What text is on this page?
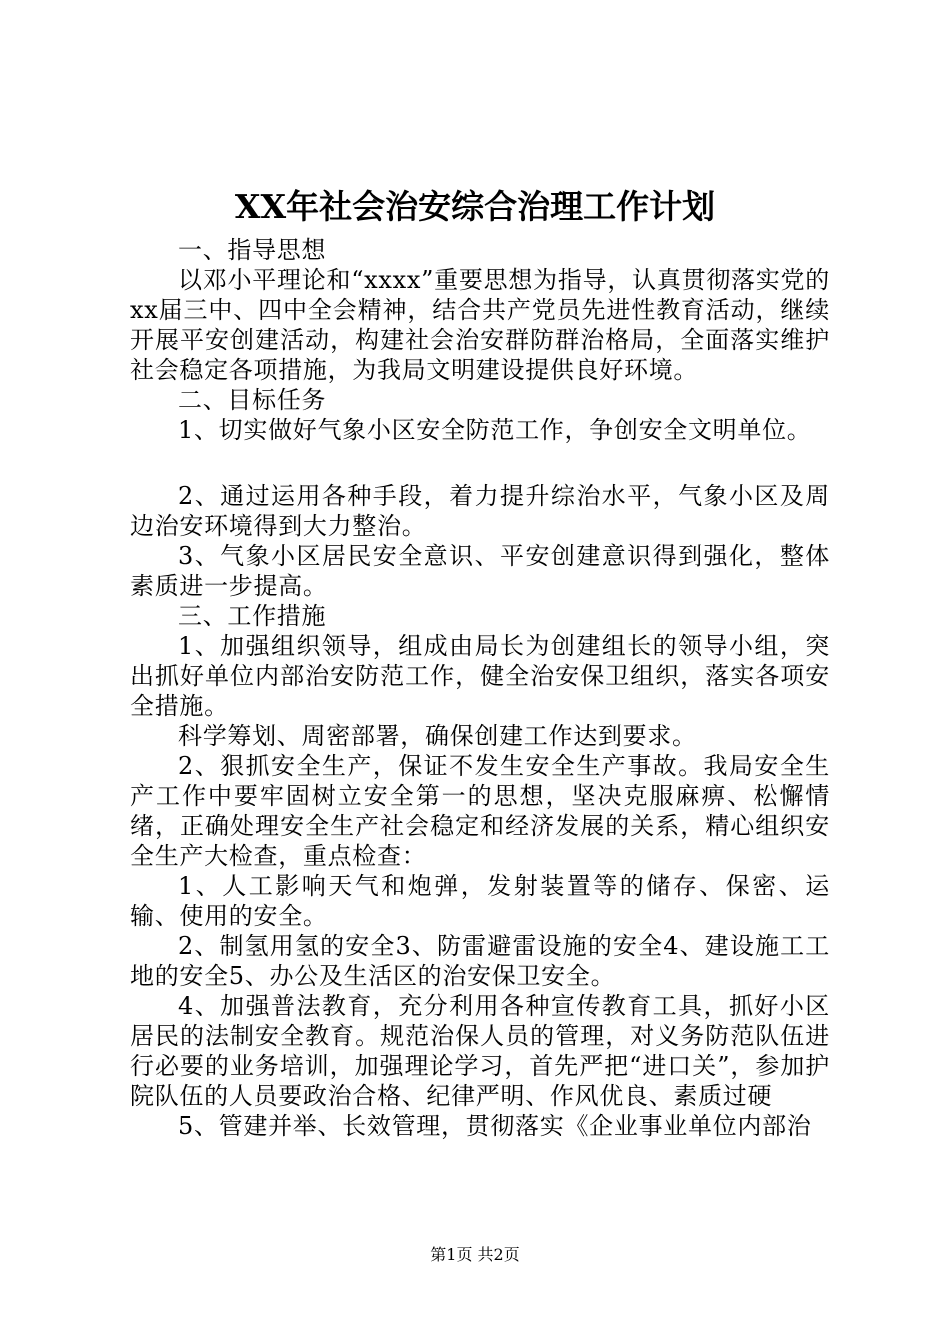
XX年社会治安综合治理工作计划
一、指导思想
以邓小平理论和“xxxx”重要思想为指导，认真贯彻落实党的xx届三中、四中全会精神，结合共产党员先进性教育活动，继续开展平安创建活动，构建社会治安群防群治格局，全面落实维护社会稳定各项措施，为我局文明建设提供良好环境。
二、目标任务
1、切实做好气象小区安全防范工作，争创安全文明单位。
2、通过运用各种手段，着力提升综治水平，气象小区及周边治安环境得到大力整治。
3、气象小区居民安全意识、平安创建意识得到强化，整体素质进一步提高。
三、工作措施
1、加强组织领导，组成由局长为创建组长的领导小组，突出抓好单位内部治安防范工作，健全治安保卫组织，落实各项安全措施。
科学筹划、周密部署，确保创建工作达到要求。
2、狠抓安全生产，保证不发生安全生产事故。我局安全生产工作中要牢固树立安全第一的思想，坚决克服麻痹、松懈情绪，正确处理安全生产社会稳定和经济发展的关系，精心组织安全生产大检查，重点检查：
1、人工影响天气和炮弹，发射装置等的储存、保密、运输、使用的安全。
2、制氢用氢的安全3、防雷避雷设施的安全4、建设施工工地的安全5、办公及生活区的治安保卫安全。
4、加强普法教育，充分利用各种宣传教育工具，抓好小区居民的法制安全教育。规范治保人员的管理，对义务防范队伍进行必要的业务培训，加强理论学习，首先严把“进口关”，参加护院队伍的人员要政治合格、纪律严明、作风优良、素质过硬
5、管建并举、长效管理，贯彻落实《企业事业单位内部治
第1页 共2页
